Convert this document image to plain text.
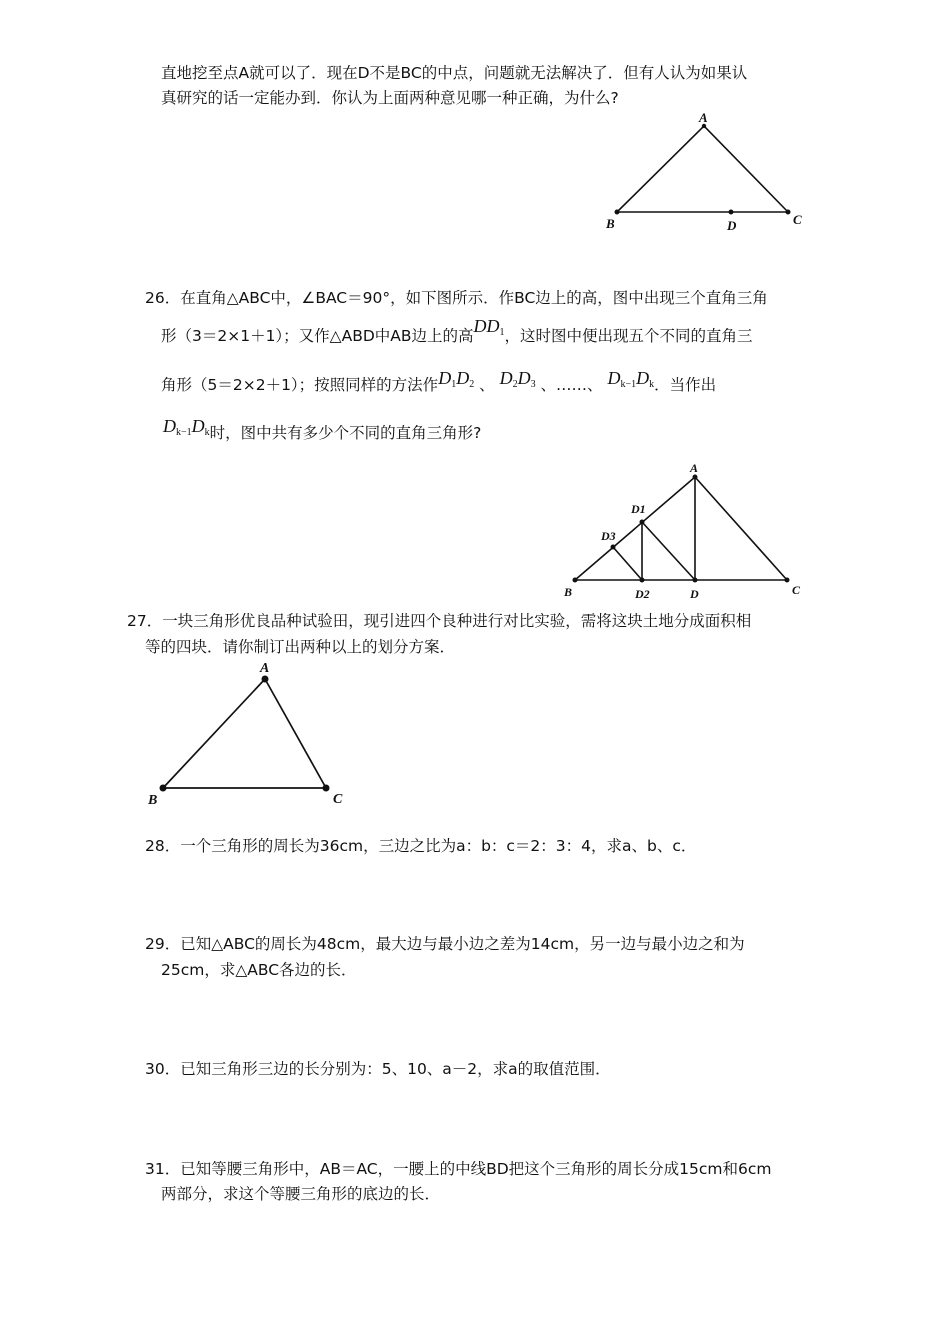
直地挖至点A就可以了．现在D不是BC的中点，问题就无法解决了．但有人认为如果认
真研究的话一定能办到．你认为上面两种意见哪一种正确，为什么?
A
B	D	C
26．在直角△ABC中，∠BAC＝90°，如下图所示．作BC边上的高，图中出现三个直角三角
形（3＝2×1＋1）；又作△ABD中AB边上的高$DD_1$，这时图中便出现五个不同的直角三
角形（5＝2×2＋1）；按照同样的方法作$D_1D_2$ 、 $D_2D_3$ 、……、 $D_{k-1}D_k$．当作出
$D_{k-1}D_k$时，图中共有多少个不同的直角三角形?
A
D1
D3
B	D2	D	C
27．一块三角形优良品种试验田，现引进四个良种进行对比实验，需将这块土地分成面积相
等的四块．请你制订出两种以上的划分方案．
A
B	C
28．一个三角形的周长为36cm，三边之比为a：b：c＝2：3：4，求a、b、c．
29．已知△ABC的周长为48cm，最大边与最小边之差为14cm，另一边与最小边之和为
25cm，求△ABC各边的长．
30．已知三角形三边的长分别为：5、10、a－2，求a的取值范围．
31．已知等腰三角形中，AB＝AC，一腰上的中线BD把这个三角形的周长分成15cm和6cm
两部分，求这个等腰三角形的底边的长．
